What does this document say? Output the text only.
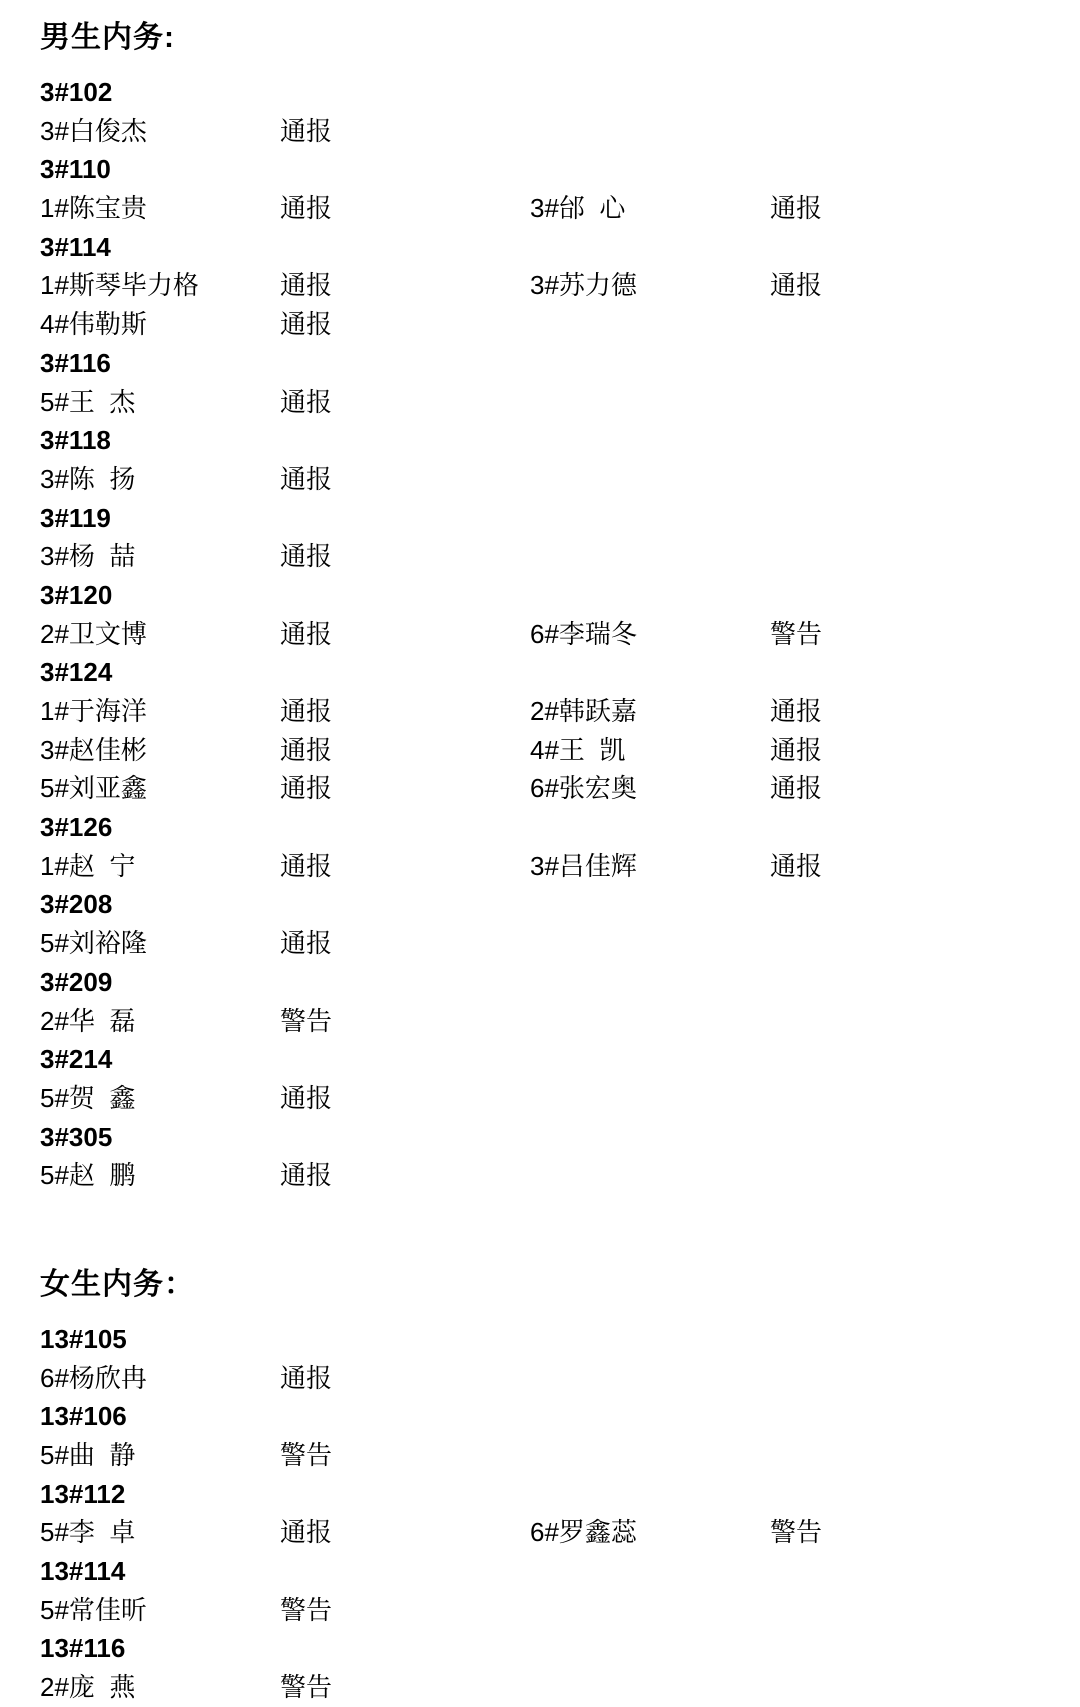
男生内务:
3#102
3#白俊杰	通报
3#110
1#陈宝贵	通报	3#邰  心	通报
3#114
1#斯琴毕力格	通报	3#苏力德	通报
4#伟勒斯	通报
3#116
5#王  杰	通报
3#118
3#陈  扬	通报
3#119
3#杨  喆	通报
3#120
2#卫文博	通报	6#李瑞冬	警告
3#124
1#于海洋	通报	2#韩跃嘉	通报
3#赵佳彬	通报	4#王  凯	通报
5#刘亚鑫	通报	6#张宏奥	通报
3#126
1#赵  宁	通报	3#吕佳辉	通报
3#208
5#刘裕隆	通报
3#209
2#华  磊	警告
3#214
5#贺  鑫	通报
3#305
5#赵  鹏	通报
女生内务：
13#105
6#杨欣冉	通报
13#106
5#曲  静	警告
13#112
5#李  卓	通报	6#罗鑫蕊	警告
13#114
5#常佳昕	警告
13#116
2#庞  燕	警告
